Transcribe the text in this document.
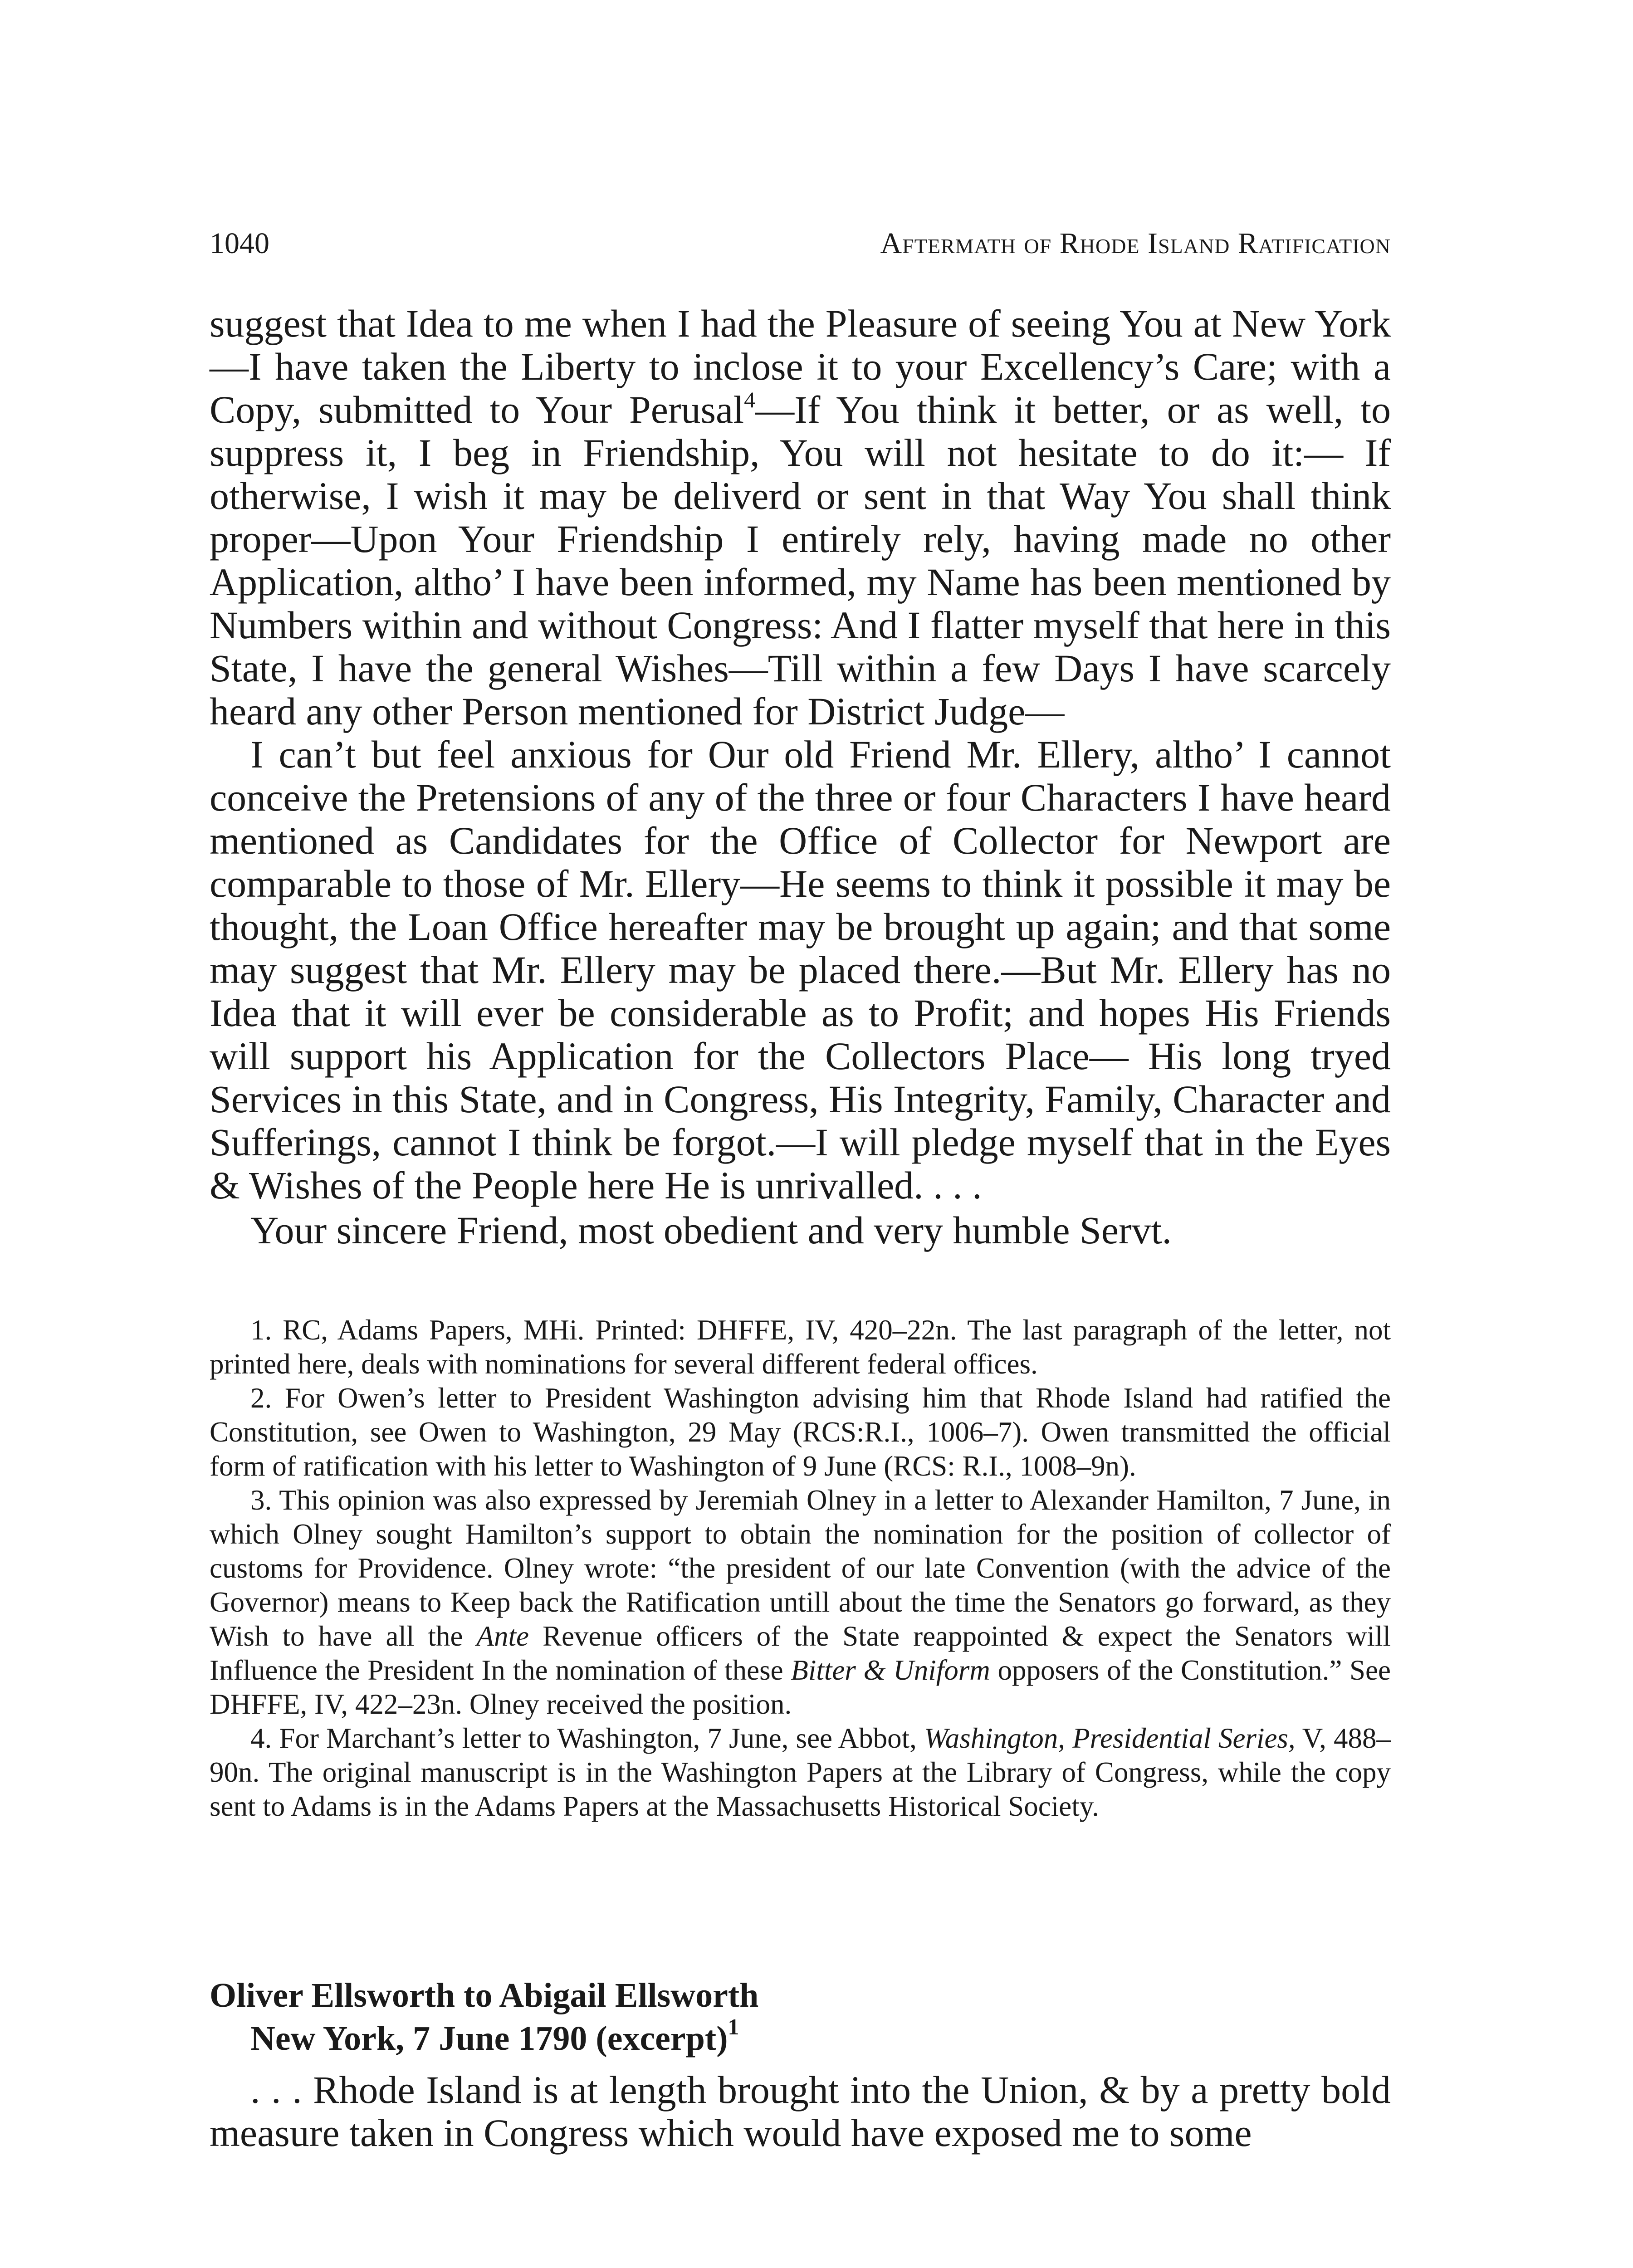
1040	Aftermath of Rhode Island Ratification

suggest that Idea to me when I had the Pleasure of seeing You at New York—I have taken the Liberty to inclose it to your Excellency’s Care; with a Copy, submitted to Your Perusal$^4$—If You think it better, or as well, to suppress it, I beg in Friendship, You will not hesitate to do it:— If otherwise, I wish it may be deliverd or sent in that Way You shall think proper—Upon Your Friendship I entirely rely, having made no other Application, altho’ I have been informed, my Name has been mentioned by Numbers within and without Congress: And I flatter myself that here in this State, I have the general Wishes—Till within a few Days I have scarcely heard any other Person mentioned for District Judge—

I can’t but feel anxious for Our old Friend Mr. Ellery, altho’ I cannot conceive the Pretensions of any of the three or four Characters I have heard mentioned as Candidates for the Office of Collector for Newport are comparable to those of Mr. Ellery—He seems to think it possible it may be thought, the Loan Office hereafter may be brought up again; and that some may suggest that Mr. Ellery may be placed there.—But Mr. Ellery has no Idea that it will ever be considerable as to Profit; and hopes His Friends will support his Application for the Collectors Place— His long tryed Services in this State, and in Congress, His Integrity, Family, Character and Sufferings, cannot I think be forgot.—I will pledge myself that in the Eyes & Wishes of the People here He is unrivalled. . . .

Your sincere Friend, most obedient and very humble Servt.

1. RC, Adams Papers, MHi. Printed: DHFFE, IV, 420–22n. The last paragraph of the letter, not printed here, deals with nominations for several different federal offices.

2. For Owen’s letter to President Washington advising him that Rhode Island had ratified the Constitution, see Owen to Washington, 29 May (RCS:R.I., 1006–7). Owen transmitted the official form of ratification with his letter to Washington of 9 June (RCS: R.I., 1008–9n).

3. This opinion was also expressed by Jeremiah Olney in a letter to Alexander Hamilton, 7 June, in which Olney sought Hamilton’s support to obtain the nomination for the position of collector of customs for Providence. Olney wrote: “the president of our late Convention (with the advice of the Governor) means to Keep back the Ratification untill about the time the Senators go forward, as they Wish to have all the Ante Revenue officers of the State reappointed & expect the Senators will Influence the President In the nomination of these Bitter & Uniform opposers of the Constitution.” See DHFFE, IV, 422–23n. Olney received the position.

4. For Marchant’s letter to Washington, 7 June, see Abbot, Washington, Presidential Series, V, 488–90n. The original manuscript is in the Washington Papers at the Library of Congress, while the copy sent to Adams is in the Adams Papers at the Massachusetts Historical Society.

Oliver Ellsworth to Abigail Ellsworth
New York, 7 June 1790 (excerpt)$^1$

. . . Rhode Island is at length brought into the Union, & by a pretty bold measure taken in Congress which would have exposed me to some
